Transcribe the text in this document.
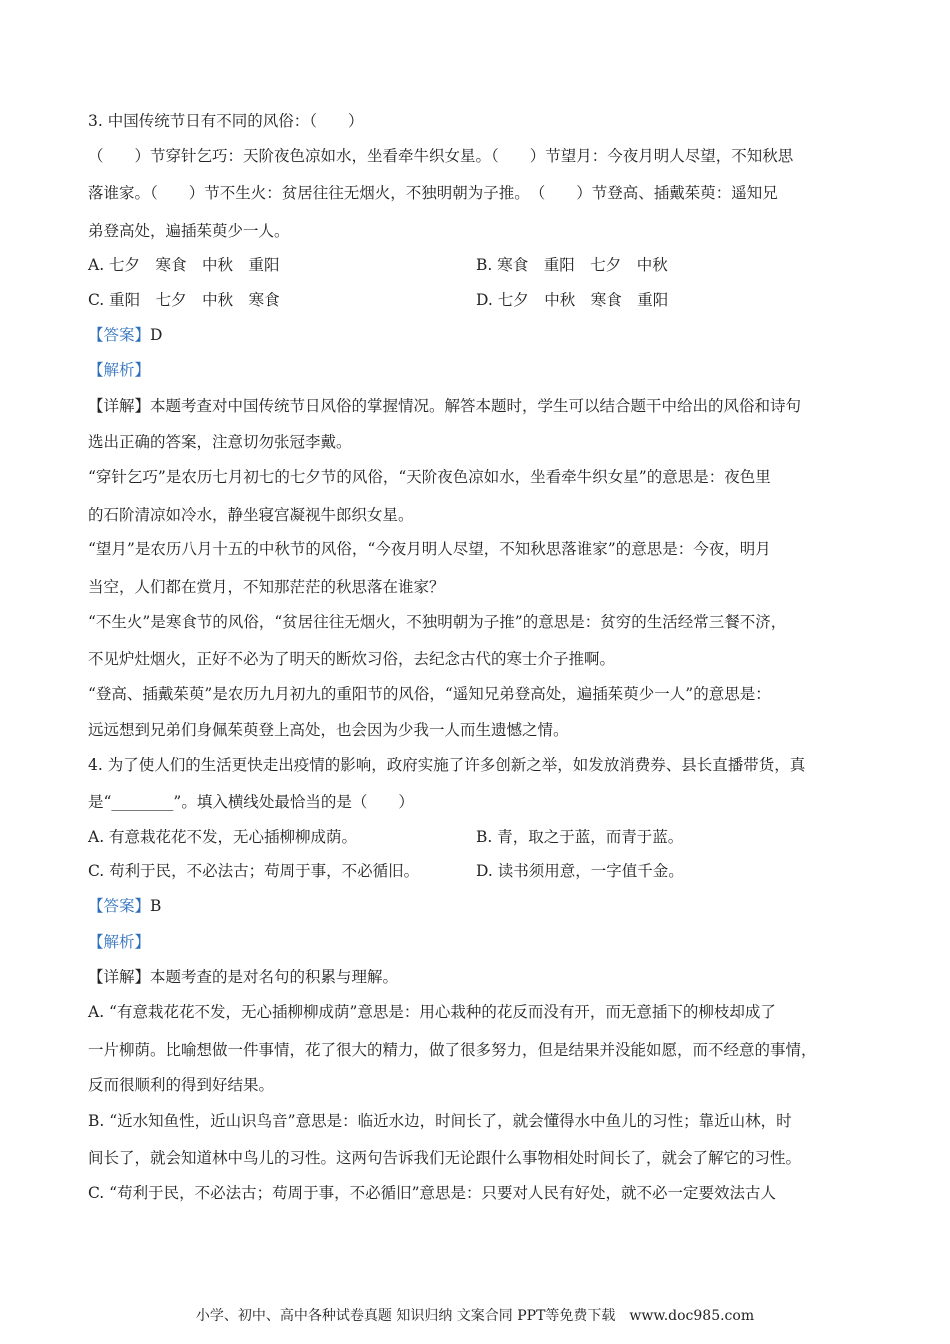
3. 中国传统节日有不同的风俗：（　　）
（　　）节穿针乞巧：天阶夜色凉如水，坐看牵牛织女星。（　　）节望月：今夜月明人尽望，不知秋思
落谁家。（　　）节不生火：贫居往往无烟火，不独明朝为子推。　（　　）节登高、插戴茱萸：遥知兄
弟登高处，遍插茱萸少一人。
A. 七夕　寒食　中秋　重阳	B. 寒食　重阳　七夕　中秋
C. 重阳　七夕　中秋　寒食	D. 七夕　中秋　寒食　重阳
【答案】D
【解析】
【详解】本题考查对中国传统节日风俗的掌握情况。解答本题时，学生可以结合题干中给出的风俗和诗句
选出正确的答案，注意切勿张冠李戴。
“穿针乞巧”是农历七月初七的七夕节的风俗，“天阶夜色凉如水，坐看牵牛织女星”的意思是：夜色里
的石阶清凉如冷水，静坐寝宫凝视牛郎织女星。
“望月”是农历八月十五的中秋节的风俗，“今夜月明人尽望，不知秋思落谁家”的意思是：今夜，明月
当空，人们都在赏月，不知那茫茫的秋思落在谁家？
“不生火”是寒食节的风俗，“贫居往往无烟火，不独明朝为子推”的意思是：贫穷的生活经常三餐不济，
不见炉灶烟火，正好不必为了明天的断炊习俗，去纪念古代的寒士介子推啊。
“登高、插戴茱萸”是农历九月初九的重阳节的风俗，“遥知兄弟登高处，遍插茱萸少一人”的意思是：
远远想到兄弟们身佩茱萸登上高处，也会因为少我一人而生遗憾之情。
4. 为了使人们的生活更快走出疫情的影响，政府实施了许多创新之举，如发放消费券、县长直播带货，真
是“________”。填入横线处最恰当的是（　　）
A. 有意栽花花不发，无心插柳柳成荫。	B. 青，取之于蓝，而青于蓝。
C. 苟利于民，不必法古；苟周于事，不必循旧。	D. 读书须用意，一字值千金。
【答案】B
【解析】
【详解】本题考查的是对名句的积累与理解。
A. “有意栽花花不发，无心插柳柳成荫”意思是：用心栽种的花反而没有开，而无意插下的柳枝却成了
一片柳荫。比喻想做一件事情，花了很大的精力，做了很多努力，但是结果并没能如愿，而不经意的事情，
反而很顺利的得到好结果。
B. “近水知鱼性，近山识鸟音”意思是：临近水边，时间长了，就会懂得水中鱼儿的习性；靠近山林，时
间长了，就会知道林中鸟儿的习性。这两句告诉我们无论跟什么事物相处时间长了，就会了解它的习性。
C. “苟利于民，不必法古；苟周于事，不必循旧”意思是：只要对人民有好处，就不必一定要效法古人
小学、初中、高中各种试卷真题 知识归纳 文案合同 PPT等免费下载　www.doc985.com
